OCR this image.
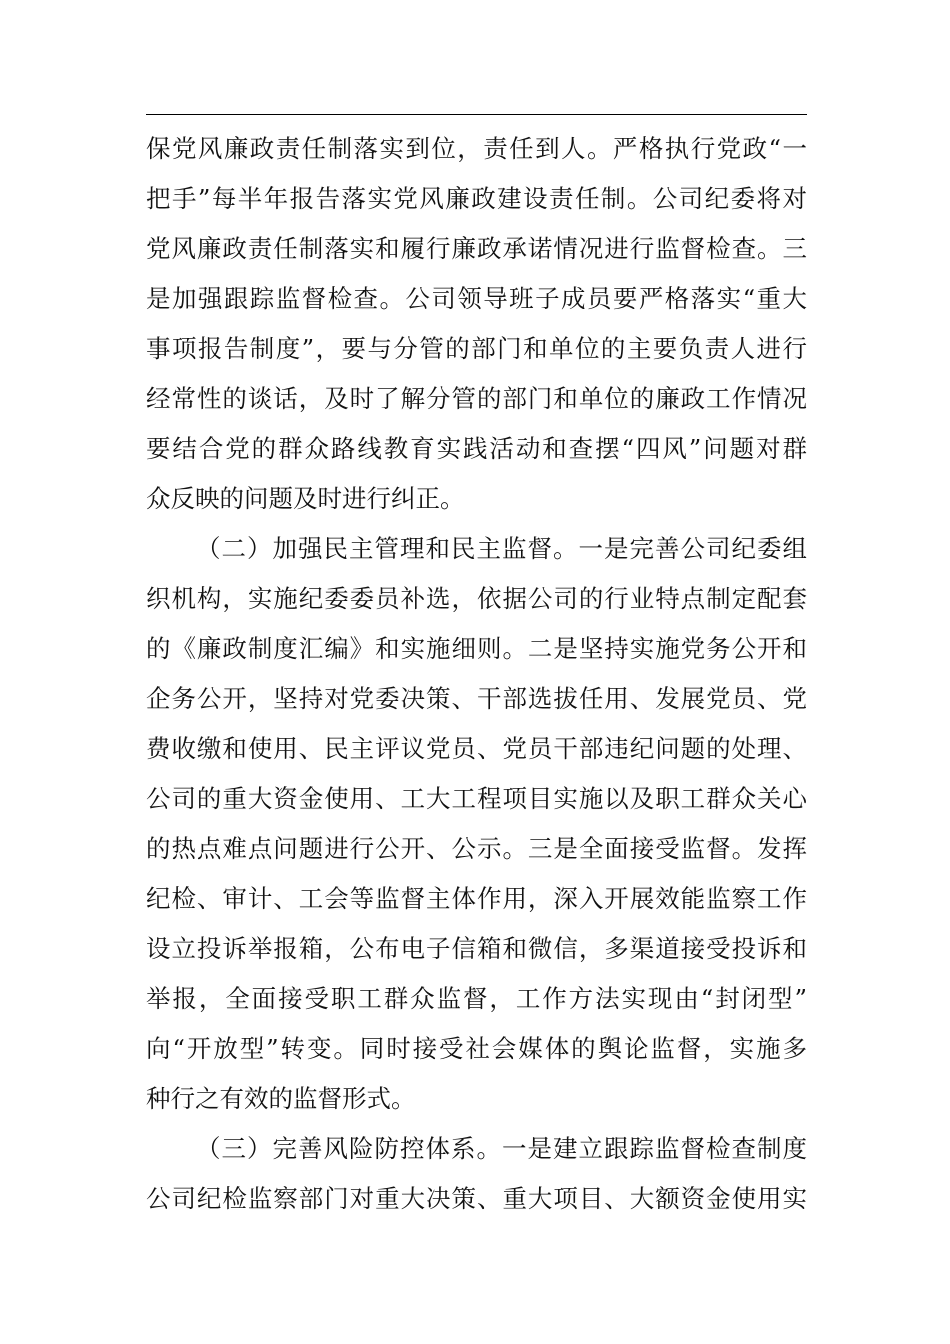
保党风廉政责任制落实到位，责任到人。严格执行党政“一
把手”每半年报告落实党风廉政建设责任制。公司纪委将对
党风廉政责任制落实和履行廉政承诺情况进行监督检查。三
是加强跟踪监督检查。公司领导班子成员要严格落实“重大
事项报告制度”，要与分管的部门和单位的主要负责人进行
经常性的谈话，及时了解分管的部门和单位的廉政工作情况
要结合党的群众路线教育实践活动和查摆“四风”问题对群
众反映的问题及时进行纠正。
（二）加强民主管理和民主监督。一是完善公司纪委组
织机构，实施纪委委员补选，依据公司的行业特点制定配套
的《廉政制度汇编》和实施细则。二是坚持实施党务公开和
企务公开，坚持对党委决策、干部选拔任用、发展党员、党
费收缴和使用、民主评议党员、党员干部违纪问题的处理、
公司的重大资金使用、工大工程项目实施以及职工群众关心
的热点难点问题进行公开、公示。三是全面接受监督。发挥
纪检、审计、工会等监督主体作用，深入开展效能监察工作
设立投诉举报箱，公布电子信箱和微信，多渠道接受投诉和
举报，全面接受职工群众监督，工作方法实现由“封闭型”
向“开放型”转变。同时接受社会媒体的舆论监督，实施多
种行之有效的监督形式。
（三）完善风险防控体系。一是建立跟踪监督检查制度
公司纪检监察部门对重大决策、重大项目、大额资金使用实
